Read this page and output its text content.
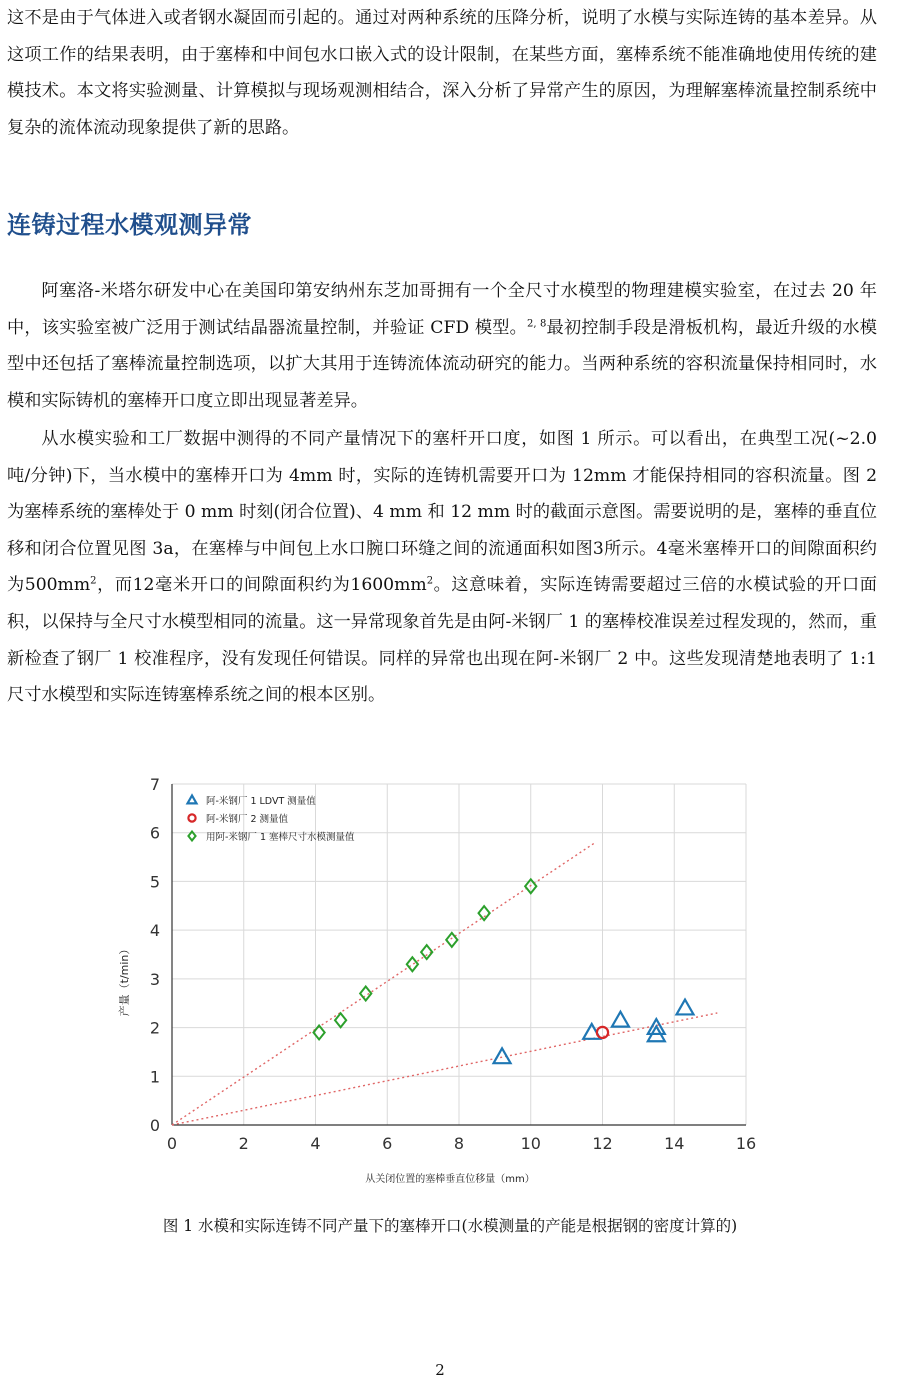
这不是由于气体进入或者钢水凝固而引起的。通过对两种系统的压降分析，说明了水模与实际连铸的基本差异。从这项工作的结果表明，由于塞棒和中间包水口嵌入式的设计限制，在某些方面，塞棒系统不能准确地使用传统的建模技术。本文将实验测量、计算模拟与现场观测相结合，深入分析了异常产生的原因，为理解塞棒流量控制系统中复杂的流体流动现象提供了新的思路。

连铸过程水模观测异常

阿塞洛-米塔尔研发中心在美国印第安纳州东芝加哥拥有一个全尺寸水模型的物理建模实验室，在过去 20 年中，该实验室被广泛用于测试结晶器流量控制，并验证 CFD 模型。$^{2, 8}$最初控制手段是滑板机构，最近升级的水模型中还包括了塞棒流量控制选项，以扩大其用于连铸流体流动研究的能力。当两种系统的容积流量保持相同时，水模和实际铸机的塞棒开口度立即出现显著差异。

从水模实验和工厂数据中测得的不同产量情况下的塞杆开口度，如图 1 所示。可以看出，在典型工况(~2.0 吨/分钟)下，当水模中的塞棒开口为 4mm 时，实际的连铸机需要开口为 12mm 才能保持相同的容积流量。图 2 为塞棒系统的塞棒处于 0 mm 时刻(闭合位置)、4 mm 和 12 mm 时的截面示意图。需要说明的是，塞棒的垂直位移和闭合位置见图 3a，在塞棒与中间包上水口腕口环缝之间的流通面积如图3所示。4毫米塞棒开口的间隙面积约为$500mm^2$，而12毫米开口的间隙面积约为$1600mm^2$。这意味着，实际连铸需要超过三倍的水模试验的开口面积，以保持与全尺寸水模型相同的流量。这一异常现象首先是由阿-米钢厂 1 的塞棒校准误差过程发现的，然而，重新检查了钢厂 1 校准程序，没有发现任何错误。同样的异常也出现在阿-米钢厂 2 中。这些发现清楚地表明了 1:1 尺寸水模型和实际连铸塞棒系统之间的根本区别。

0	2	4	6	8	10	12	14	16
0
1
2
3
4
5
6
7
阿-米钢厂 1 LDVT 测量值
阿-米钢厂 2 测量值
用阿-米钢厂 1 塞棒尺寸水模测量值
从关闭位置的塞棒垂直位移量（mm）
产量（t/min）

图 1 水模和实际连铸不同产量下的塞棒开口(水模测量的产能是根据钢的密度计算的)

2
